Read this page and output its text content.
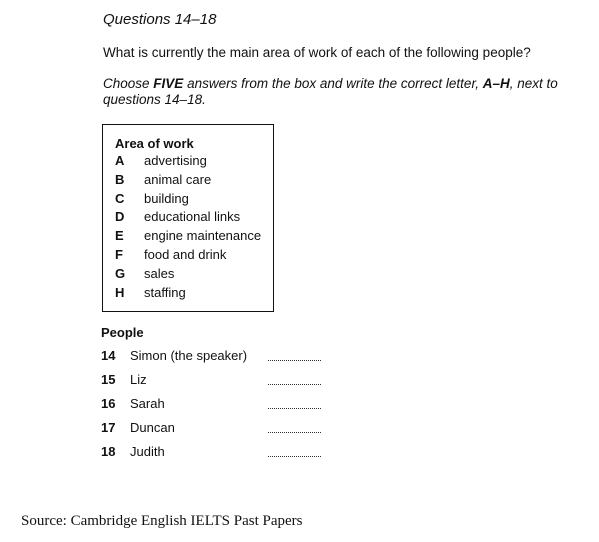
Questions 14–18
What is currently the main area of work of each of the following people?
Choose FIVE answers from the box and write the correct letter, A–H, next to questions 14–18.
Area of work
A advertising
B animal care
C building
D educational links
E engine maintenance
F food and drink
G sales
H staffing
People
14 Simon (the speaker)
15 Liz
16 Sarah
17 Duncan
18 Judith
Source: Cambridge English IELTS Past Papers
